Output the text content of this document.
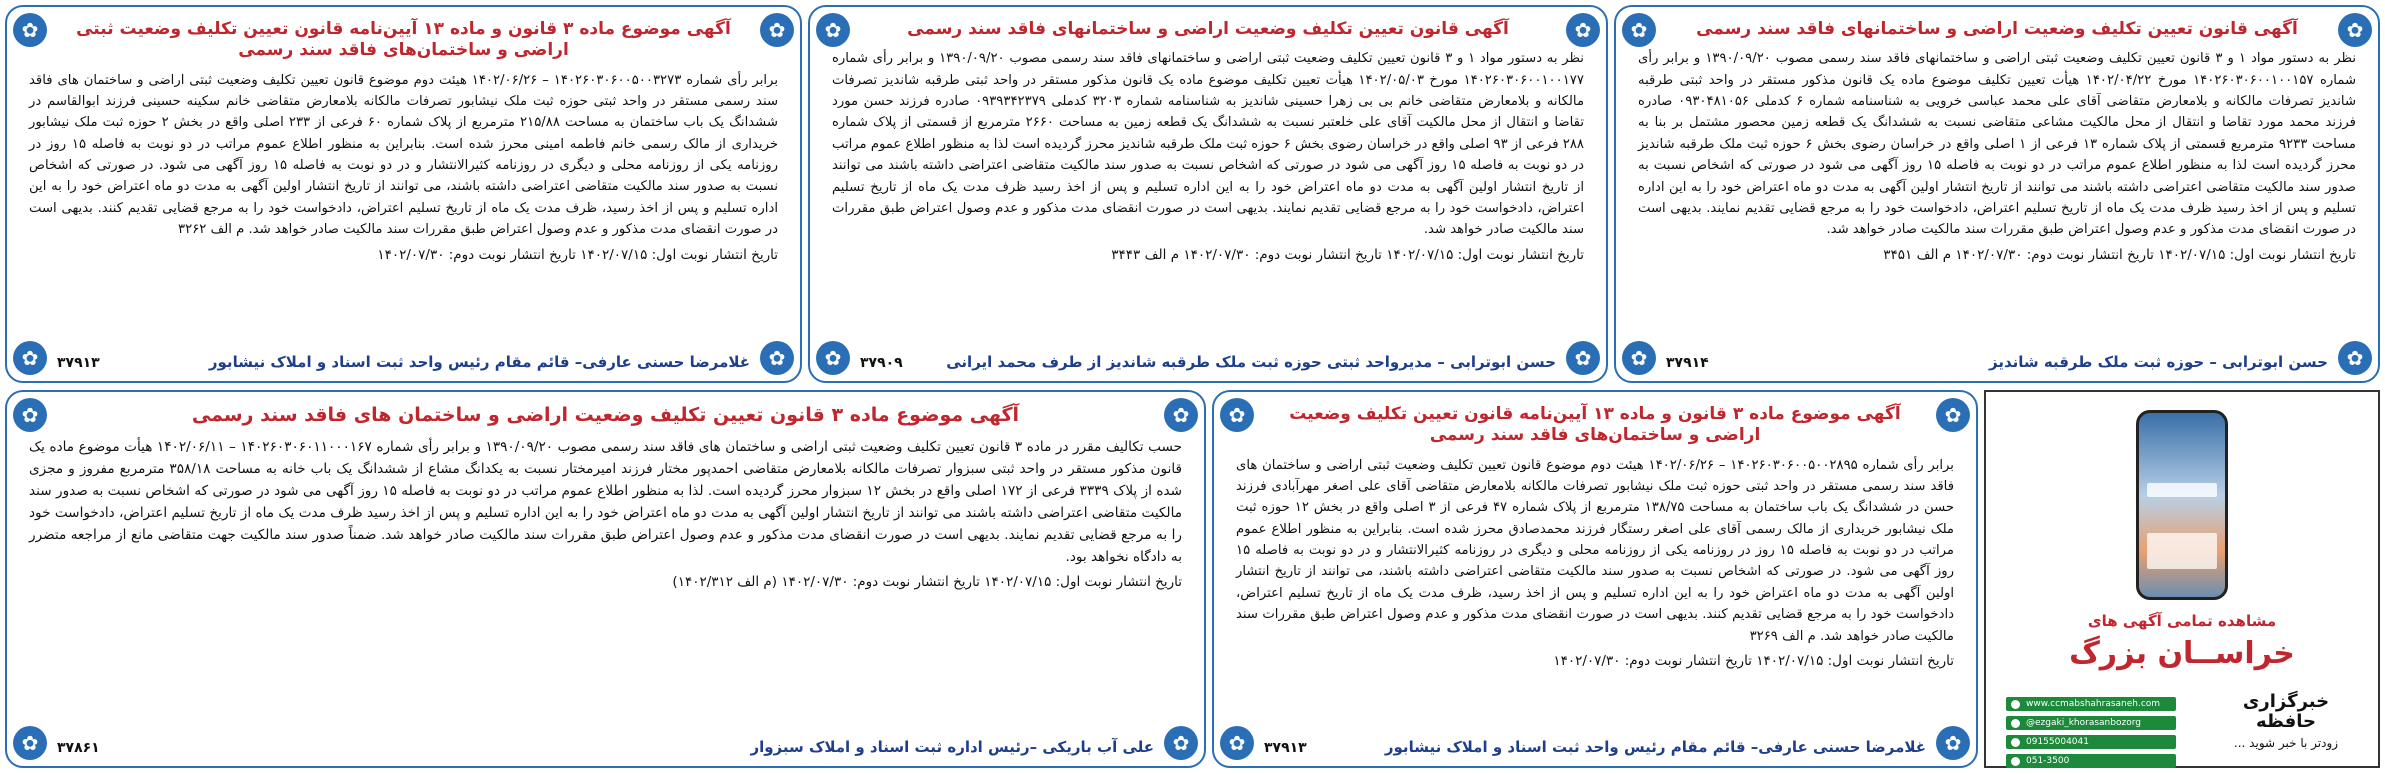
✿	✿
✿	✿
آگهی قانون تعیین تکلیف وضعیت اراضی و ساختمانهای فاقد سند رسمی
نظر به دستور مواد ۱ و ۳ قانون تعیین تکلیف وضعیت ثبتی اراضی و ساختمانهای فاقد سند رسمی مصوب ۱۳۹۰/۰۹/۲۰ و برابر رأی شماره ۱۴۰۲۶۰۳۰۶۰۰۱۰۰۱۵۷ مورخ ۱۴۰۲/۰۴/۲۲ هیأت تعیین تکلیف موضوع ماده یک قانون مذکور مستقر در واحد ثبتی طرقبه شاندیز تصرفات مالکانه و بلامعارض متقاضی آقای علی محمد عباسی خرویی به شناسنامه شماره ۶ کدملی ۰۹۳۰۴۸۱۰۵۶ صادره فرزند محمد مورد تقاضا و انتقال از محل مالکیت مشاعی متقاضی نسبت به ششدانگ یک قطعه زمین محصور مشتمل بر بنا به مساحت ۹۲۳۳ مترمربع قسمتی از پلاک شماره ۱۳ فرعی از ۱ اصلی واقع در خراسان رضوی بخش ۶ حوزه ثبت ملک طرقبه شاندیز محرز گردیده است لذا به منظور اطلاع عموم مراتب در دو نوبت به فاصله ۱۵ روز آگهی می شود در صورتی که اشخاص نسبت به صدور سند مالکیت متقاضی اعتراضی داشته باشند می توانند از تاریخ انتشار اولین آگهی به مدت دو ماه اعتراض خود را به این اداره تسلیم و پس از اخذ رسید ظرف مدت یک ماه از تاریخ تسلیم اعتراض، دادخواست خود را به مرجع قضایی تقدیم نمایند. بدیهی است در صورت انقضای مدت مذکور و عدم وصول اعتراض طبق مقررات سند مالکیت صادر خواهد شد.
تاریخ انتشار نوبت اول: ۱۴۰۲/۰۷/۱۵ تاریخ انتشار نوبت دوم: ۱۴۰۲/۰۷/۳۰ م الف ۳۴۵۱
حسن ابوترابی – حوزه ثبت ملک طرقبه شاندیز
۳۷۹۱۴
✿	✿
✿	✿
آگهی قانون تعیین تکلیف وضعیت اراضی و ساختمانهای فاقد سند رسمی
نظر به دستور مواد ۱ و ۳ قانون تعیین تکلیف وضعیت ثبتی اراضی و ساختمانهای فاقد سند رسمی مصوب ۱۳۹۰/۰۹/۲۰ و برابر رأی شماره ۱۴۰۲۶۰۳۰۶۰۰۱۰۰۱۷۷ مورخ ۱۴۰۲/۰۵/۰۳ هیأت تعیین تکلیف موضوع ماده یک قانون مذکور مستقر در واحد ثبتی طرقبه شاندیز تصرفات مالکانه و بلامعارض متقاضی خانم بی بی زهرا حسینی شاندیز به شناسنامه شماره ۳۲۰۳ کدملی ۰۹۳۹۳۴۲۳۷۹ صادره فرزند حسن مورد تقاضا و انتقال از محل مالکیت آقای علی خلعتبر نسبت به ششدانگ یک قطعه زمین به مساحت ۲۶۶۰ مترمربع از قسمتی از پلاک شماره ۲۸۸ فرعی از ۹۳ اصلی واقع در خراسان رضوی بخش ۶ حوزه ثبت ملک طرقبه شاندیز محرز گردیده است لذا به منظور اطلاع عموم مراتب در دو نوبت به فاصله ۱۵ روز آگهی می شود در صورتی که اشخاص نسبت به صدور سند مالکیت متقاضی اعتراضی داشته باشند می توانند از تاریخ انتشار اولین آگهی به مدت دو ماه اعتراض خود را به این اداره تسلیم و پس از اخذ رسید ظرف مدت یک ماه از تاریخ تسلیم اعتراض، دادخواست خود را به مرجع قضایی تقدیم نمایند. بدیهی است در صورت انقضای مدت مذکور و عدم وصول اعتراض طبق مقررات سند مالکیت صادر خواهد شد.
تاریخ انتشار نوبت اول: ۱۴۰۲/۰۷/۱۵ تاریخ انتشار نوبت دوم: ۱۴۰۲/۰۷/۳۰ م الف ۳۴۴۳
حسن ابوترابی – مدیرواحد ثبتی حوزه ثبت ملک طرقبه شاندیز از طرف محمد ایرانی
۳۷۹۰۹
✿	✿
✿	✿
آگهی موضوع ماده ۳ قانون و ماده ۱۳ آیین‌نامه قانون تعیین تکلیف وضعیت ثبتی اراضی و ساختمان‌های فاقد سند رسمی
برابر رأی شماره ۱۴۰۲۶۰۳۰۶۰۰۵۰۰۳۲۷۳ – ۱۴۰۲/۰۶/۲۶ هیئت دوم موضوع قانون تعیین تکلیف وضعیت ثبتی اراضی و ساختمان های فاقد سند رسمی مستقر در واحد ثبتی حوزه ثبت ملک نیشابور تصرفات مالکانه بلامعارض متقاضی خانم سکینه حسینی فرزند ابوالقاسم در ششدانگ یک باب ساختمان به مساحت ۲۱۵/۸۸ مترمربع از پلاک شماره ۶۰ فرعی از ۲۳۳ اصلی واقع در بخش ۲ حوزه ثبت ملک نیشابور خریداری از مالک رسمی خانم فاطمه امینی محرز شده است. بنابراین به منظور اطلاع عموم مراتب در دو نوبت به فاصله ۱۵ روز در روزنامه یکی از روزنامه محلی و دیگری در روزنامه کثیرالانتشار و در دو نوبت به فاصله ۱۵ روز آگهی می شود. در صورتی که اشخاص نسبت به صدور سند مالکیت متقاضی اعتراضی داشته باشند، می توانند از تاریخ انتشار اولین آگهی به مدت دو ماه اعتراض خود را به این اداره تسلیم و پس از اخذ رسید، ظرف مدت یک ماه از تاریخ تسلیم اعتراض، دادخواست خود را به مرجع قضایی تقدیم کنند. بدیهی است در صورت انقضای مدت مذکور و عدم وصول اعتراض طبق مقررات سند مالکیت صادر خواهد شد. م الف ۳۲۶۲
تاریخ انتشار نوبت اول: ۱۴۰۲/۰۷/۱۵ تاریخ انتشار نوبت دوم: ۱۴۰۲/۰۷/۳۰
غلامرضا حسنی عارفی– قائم مقام رئیس واحد ثبت اسناد و املاک نیشابور
۳۷۹۱۳
✿	✿
✿	✿
آگهی موضوع ماده ۳ قانون و ماده ۱۳ آیین‌نامه قانون تعیین تکلیف وضعیت اراضی و ساختمان‌های فاقد سند رسمی
برابر رأی شماره ۱۴۰۲۶۰۳۰۶۰۰۵۰۰۲۸۹۵ – ۱۴۰۲/۰۶/۲۶ هیئت دوم موضوع قانون تعیین تکلیف وضعیت ثبتی اراضی و ساختمان های فاقد سند رسمی مستقر در واحد ثبتی حوزه ثبت ملک نیشابور تصرفات مالکانه بلامعارض متقاضی آقای علی اصغر مهرآبادی فرزند حسن در ششدانگ یک باب ساختمان به مساحت ۱۳۸/۷۵ مترمربع از پلاک شماره ۴۷ فرعی از ۳ اصلی واقع در بخش ۱۲ حوزه ثبت ملک نیشابور خریداری از مالک رسمی آقای علی اصغر رستگار فرزند محمدصادق محرز شده است. بنابراین به منظور اطلاع عموم مراتب در دو نوبت به فاصله ۱۵ روز در روزنامه یکی از روزنامه محلی و دیگری در روزنامه کثیرالانتشار و در دو نوبت به فاصله ۱۵ روز آگهی می شود. در صورتی که اشخاص نسبت به صدور سند مالکیت متقاضی اعتراضی داشته باشند، می توانند از تاریخ انتشار اولین آگهی به مدت دو ماه اعتراض خود را به این اداره تسلیم و پس از اخذ رسید، ظرف مدت یک ماه از تاریخ تسلیم اعتراض، دادخواست خود را به مرجع قضایی تقدیم کنند. بدیهی است در صورت انقضای مدت مذکور و عدم وصول اعتراض طبق مقررات سند مالکیت صادر خواهد شد. م الف ۳۲۶۹
تاریخ انتشار نوبت اول: ۱۴۰۲/۰۷/۱۵ تاریخ انتشار نوبت دوم: ۱۴۰۲/۰۷/۳۰
غلامرضا حسنی عارفی– قائم مقام رئیس واحد ثبت اسناد و املاک نیشابور
۳۷۹۱۳
✿	✿
✿	✿
آگهی موضوع ماده ۳ قانون تعیین تکلیف وضعیت اراضی و ساختمان های فاقد سند رسمی
حسب تکالیف مقرر در ماده ۳ قانون تعیین تکلیف وضعیت ثبتی اراضی و ساختمان های فاقد سند رسمی مصوب ۱۳۹۰/۰۹/۲۰ و برابر رأی شماره ۱۴۰۲۶۰۳۰۶۰۱۱۰۰۰۱۶۷ – ۱۴۰۲/۰۶/۱۱ هیأت موضوع ماده یک قانون مذکور مستقر در واحد ثبتی سبزوار تصرفات مالکانه بلامعارض متقاضی احمدپور مختار فرزند امیرمختار نسبت به یکدانگ مشاع از ششدانگ یک باب خانه به مساحت ۳۵۸/۱۸ مترمربع مفروز و مجزی شده از پلاک ۳۳۳۹ فرعی از ۱۷۲ اصلی واقع در بخش ۱۲ سبزوار محرز گردیده است. لذا به منظور اطلاع عموم مراتب در دو نوبت به فاصله ۱۵ روز آگهی می شود در صورتی که اشخاص نسبت به صدور سند مالکیت متقاضی اعتراضی داشته باشند می توانند از تاریخ انتشار اولین آگهی به مدت دو ماه اعتراض خود را به این اداره تسلیم و پس از اخذ رسید ظرف مدت یک ماه از تاریخ تسلیم اعتراض، دادخواست خود را به مرجع قضایی تقدیم نمایند. بدیهی است در صورت انقضای مدت مذکور و عدم وصول اعتراض طبق مقررات سند مالکیت صادر خواهد شد. ضمناً صدور سند مالکیت جهت متقاضی مانع از مراجعه متضرر به دادگاه نخواهد بود.
تاریخ انتشار نوبت اول: ۱۴۰۲/۰۷/۱۵ تاریخ انتشار نوبت دوم: ۱۴۰۲/۰۷/۳۰ (م الف ۱۴۰۲/۳۱۲)
علی آب باریکی –رئیس اداره ثبت اسناد و املاک سبزوار
۳۷۸۶۱
مشاهده تمامی آگهی های
خراســان بزرگ
www.ccmabshahrasaneh.com
@ezgaki_khorasanbozorg
09155004041
051-3500
خبرگزاری حافظه
زودتر با خبر شوید ...
